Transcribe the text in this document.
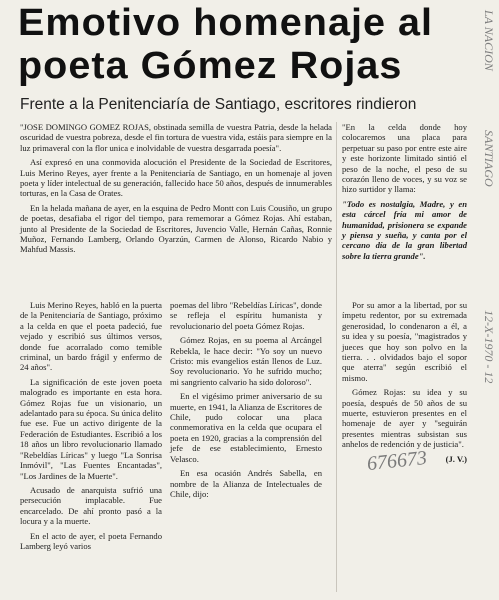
Emotivo homenaje al poeta Gómez Rojas
Frente a la Penitenciaría de Santiago, escritores rindieron

"JOSE DOMINGO GOMEZ ROJAS, obstinada semilla de vuestra Patria, desde la helada oscuridad de vuestra pobreza, desde el fin tortura de vuestra vida, estáis para siempre en la luz primaveral con la flor unica e inolvidable de vuestra desgarrada poesía".

Así expresó en una conmovida alocución el Presidente de la Sociedad de Escritores, Luis Merino Reyes, ayer frente a la Penitenciaría de Santiago, en un homenaje al joven poeta y líder intelectual de su generación, fallecido hace 50 años, después de innumerables torturas, en la Casa de Orates.

En la helada mañana de ayer, en la esquina de Pedro Montt con Luis Cousiño, un grupo de poetas, desafiaba el rigor del tiempo, para rememorar a Gómez Rojas. Ahí estaban, junto al Presidente de la Sociedad de Escritores, Juvencio Valle, Hernán Cañas, Ronnie Muñoz, Fernando Lamberg, Orlando Oyarzún, Carmen de Alonso, Ricardo Nabio y Mahfud Massis.

Luis Merino Reyes, habló en la puerta de la Penitenciaría de Santiago, próximo a la celda en que el poeta padeció, fue vejado y escribió sus últimos versos, donde fue acorralado como temible criminal, un bardo frágil y enfermo de 24 años".

La significación de este joven poeta malogrado es importante en esta hora. Gómez Rojas fue un visionario, un adelantado para su época. Su única delito fue ese. Fue un activo dirigente de la Federación de Estudiantes. Escribió a los 18 años un libro revolucionario llamado "Rebeldías Líricas" y luego "La Sonrisa Inmóvil", "Las Fuentes Encantadas", "Los Jardines de la Muerte".

Acusado de anarquista sufrió una persecución implacable. Fue encarcelado. De ahí pronto pasó a la locura y a la muerte.

En el acto de ayer, el poeta Fernando Lamberg leyó varios

poemas del libro "Rebeldías Líricas", donde se refleja el espíritu humanista y revolucionario del poeta Gómez Rojas.

Gómez Rojas, en su poema al Arcángel Rebekla, le hace decir: "Yo soy un nuevo Cristo: mis evangelios están llenos de Luz. Soy revolucionario. Yo he sufrido mucho; mi sangriento calvario ha sido doloroso".

En el vigésimo primer aniversario de su muerte, en 1941, la Alianza de Escritores de Chile, pudo colocar una placa conmemorativa en la celda que ocupara el poeta en 1920, gracias a la comprensión del jefe de ese establecimiento, Ernesto Velasco.

En esa ocasión Andrés Sabella, en nombre de la Alianza de Intelectuales de Chile, dijo:

"En la celda donde hoy colocaremos una placa para perpetuar su paso por entre este aire y este horizonte limitado sintió el peso de la noche, el peso de su corazón lleno de voces, y su voz se hizo surtidor y llama:

"Todo es nostalgia, Madre, y en esta cárcel fría mi amor de humanidad, prisionera se expande y piensa y sueña, y canta por el cercano día de la gran libertad sobre la tierra grande".

Por su amor a la libertad, por su ímpetu redentor, por su extremada generosidad, lo condenaron a él, a su idea y su poesía, "magistrados y jueces que hoy son polvo en la tierra. . . olvidados bajo el sopor que aterra" según escribió el mismo.

Gómez Rojas: su idea y su poesía, después de 50 años de su muerte, estuvieron presentes en el homenaje de ayer y "seguirán presentes mientras subsistan sus anhelos de redención y de justicia".

(J. V.)
676673
LA NACION
SANTIAGO
12-X-1970 - 12
